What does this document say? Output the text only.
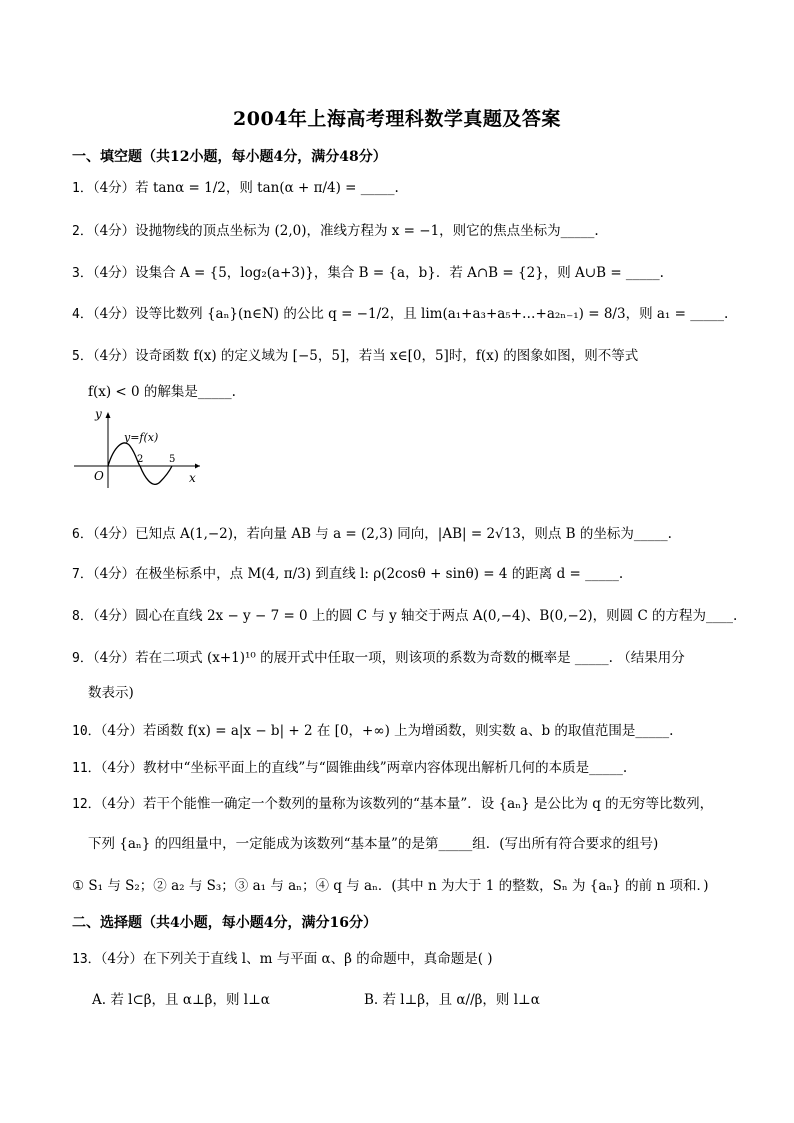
2004年上海高考理科数学真题及答案
一、填空题（共12小题，每小题4分，满分48分）
1．（4分）若 tanα = 1/2，则 tan(α + π/4) = _____.
2．（4分）设抛物线的顶点坐标为 (2,0)，准线方程为 x = −1，则它的焦点坐标为_____.
3．（4分）设集合 A = {5，log₂(a+3)}，集合 B = {a，b}．若 A∩B = {2}，则 A∪B = _____.
4．（4分）设等比数列 {aₙ}(n∈N) 的公比 q = −1/2，且 lim(a₁+a₃+a₅+…+a₂ₙ₋₁) = 8/3，则 a₁ = _____.
5．（4分）设奇函数 f(x) 的定义域为 [−5，5]，若当 x∈[0，5]时，f(x) 的图象如图，则不等式
f(x) < 0 的解集是_____.
y
x
O
y=f(x)
2	5
6．（4分）已知点 A(1,−2)，若向量 AB 与 a = (2,3) 同向，|AB| = 2√13，则点 B 的坐标为_____.
7．（4分）在极坐标系中，点 M(4, π/3) 到直线 l: ρ(2cosθ + sinθ) = 4 的距离 d = _____.
8．（4分）圆心在直线 2x − y − 7 = 0 上的圆 C 与 y 轴交于两点 A(0,−4)、B(0,−2)，则圆 C 的方程为____.
9．（4分）若在二项式 (x+1)¹⁰ 的展开式中任取一项，则该项的系数为奇数的概率是 _____. （结果用分
数表示)
10．（4分）若函数 f(x) = a|x − b| + 2 在 [0，+∞) 上为增函数，则实数 a、b 的取值范围是_____.
11．（4分）教材中“坐标平面上的直线”与“圆锥曲线”两章内容体现出解析几何的本质是_____.
12．（4分）若干个能惟一确定一个数列的量称为该数列的“基本量”．设 {aₙ} 是公比为 q 的无穷等比数列，
下列 {aₙ} 的四组量中，一定能成为该数列“基本量”的是第_____组．(写出所有符合要求的组号)
① S₁ 与 S₂；② a₂ 与 S₃；③ a₁ 与 aₙ；④ q 与 aₙ．(其中 n 为大于 1 的整数，Sₙ 为 {aₙ} 的前 n 项和．)
二、选择题（共4小题，每小题4分，满分16分）
13．（4分）在下列关于直线 l、m 与平面 α、β 的命题中，真命题是( )
A. 若 l⊂β，且 α⊥β，则 l⊥α	B. 若 l⊥β，且 α//β，则 l⊥α
